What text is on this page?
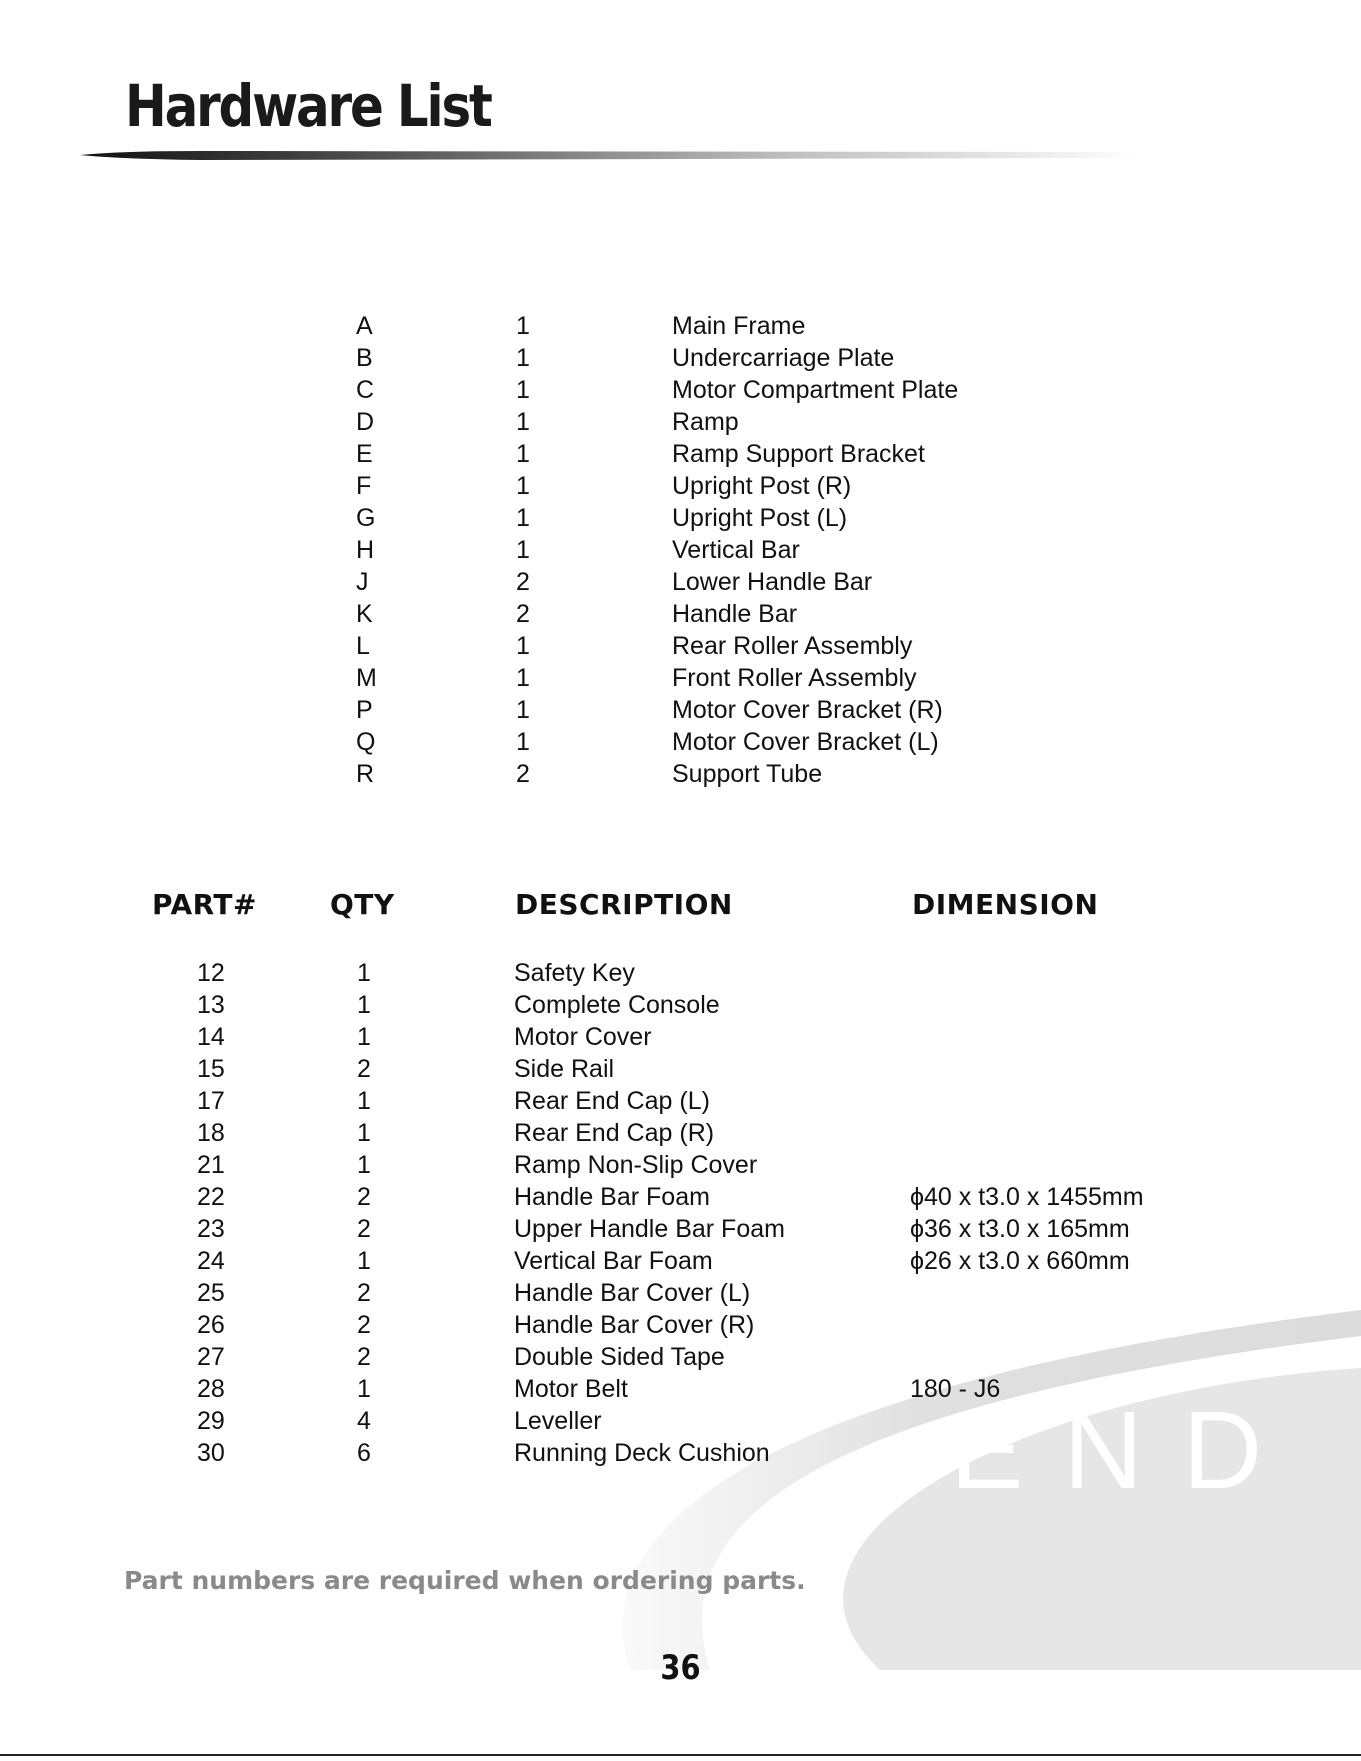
END
Hardware List
A	1	Main Frame
B	1	Undercarriage Plate
C	1	Motor Compartment Plate
D	1	Ramp
E	1	Ramp Support Bracket
F	1	Upright Post (R)
G	1	Upright Post (L)
H	1	Vertical Bar
J	2	Lower Handle Bar
K	2	Handle Bar
L	1	Rear Roller Assembly
M	1	Front Roller Assembly
P	1	Motor Cover Bracket (R)
Q	1	Motor Cover Bracket (L)
R	2	Support Tube
PART#	QTY	DESCRIPTION	DIMENSION
12	1	Safety Key
13	1	Complete Console
14	1	Motor Cover
15	2	Side Rail
17	1	Rear End Cap (L)
18	1	Rear End Cap (R)
21	1	Ramp Non-Slip Cover
22	2	Handle Bar Foam	ϕ40 x t3.0 x 1455mm
23	2	Upper Handle Bar Foam	ϕ36 x t3.0 x 165mm
24	1	Vertical Bar Foam	ϕ26 x t3.0 x 660mm
25	2	Handle Bar Cover (L)
26	2	Handle Bar Cover (R)
27	2	Double Sided Tape
28	1	Motor Belt	180 - J6
29	4	Leveller
30	6	Running Deck Cushion

Part numbers are required when ordering parts.

36
